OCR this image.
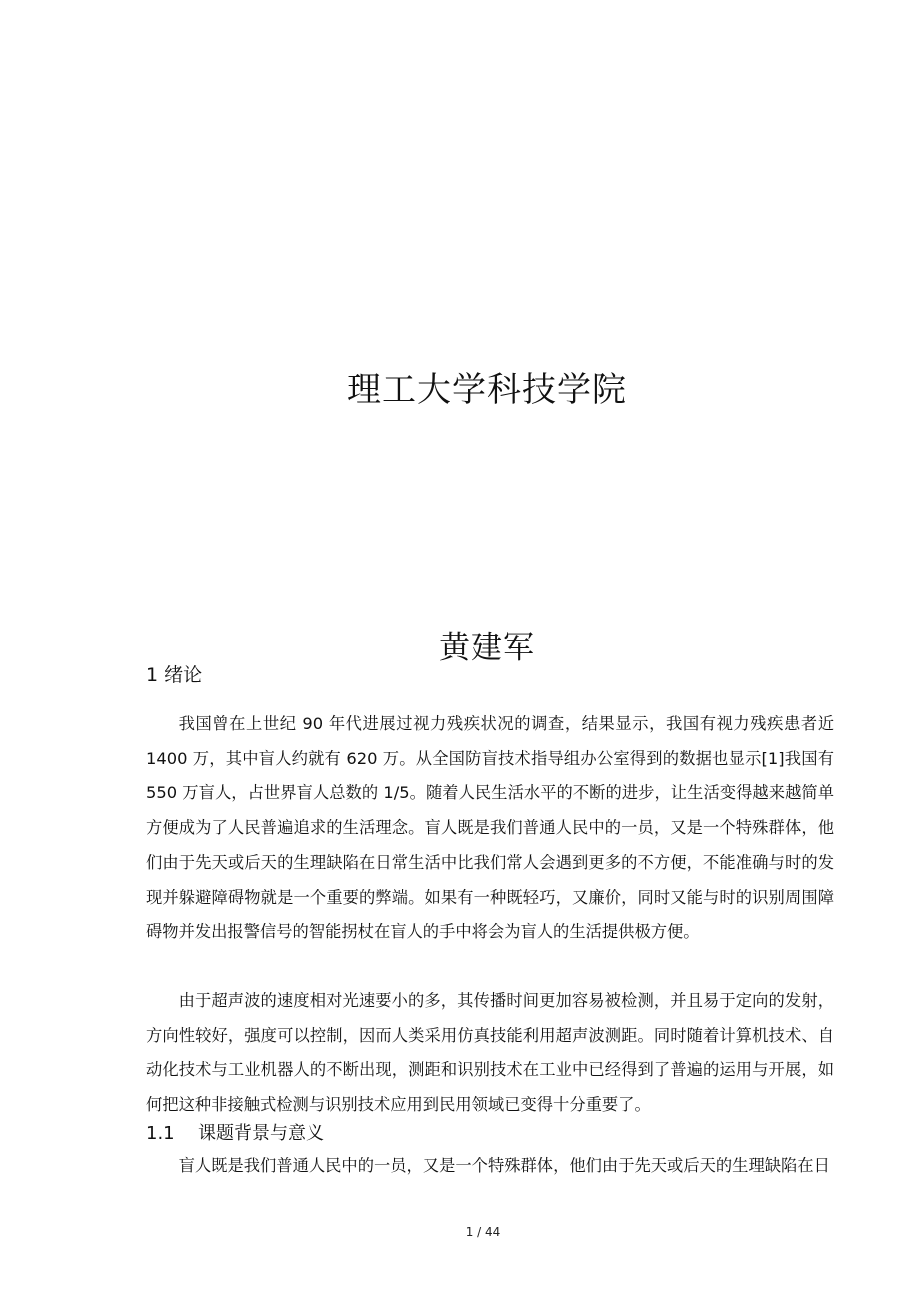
理工大学科技学院
黄建军
1 绪论

我国曾在上世纪 90 年代进展过视力残疾状况的调查，结果显示，我国有视力残疾患者近 1400 万，其中盲人约就有 620 万。从全国防盲技术指导组办公室得到的数据也显示[1]我国有 550 万盲人，占世界盲人总数的 1/5。随着人民生活水平的不断的进步，让生活变得越来越简单方便成为了人民普遍追求的生活理念。盲人既是我们普通人民中的一员，又是一个特殊群体，他们由于先天或后天的生理缺陷在日常生活中比我们常人会遇到更多的不方便，不能准确与时的发现并躲避障碍物就是一个重要的弊端。如果有一种既轻巧，又廉价，同时又能与时的识别周围障碍物并发出报警信号的智能拐杖在盲人的手中将会为盲人的生活提供极方便。

由于超声波的速度相对光速要小的多，其传播时间更加容易被检测，并且易于定向的发射，方向性较好，强度可以控制，因而人类采用仿真技能利用超声波测距。同时随着计算机技术、自动化技术与工业机器人的不断出现，测距和识别技术在工业中已经得到了普遍的运用与开展，如何把这种非接触式检测与识别技术应用到民用领域已变得十分重要了。

1.1 课题背景与意义

盲人既是我们普通人民中的一员，又是一个特殊群体，他们由于先天或后天的生理缺陷在日

1 / 44
